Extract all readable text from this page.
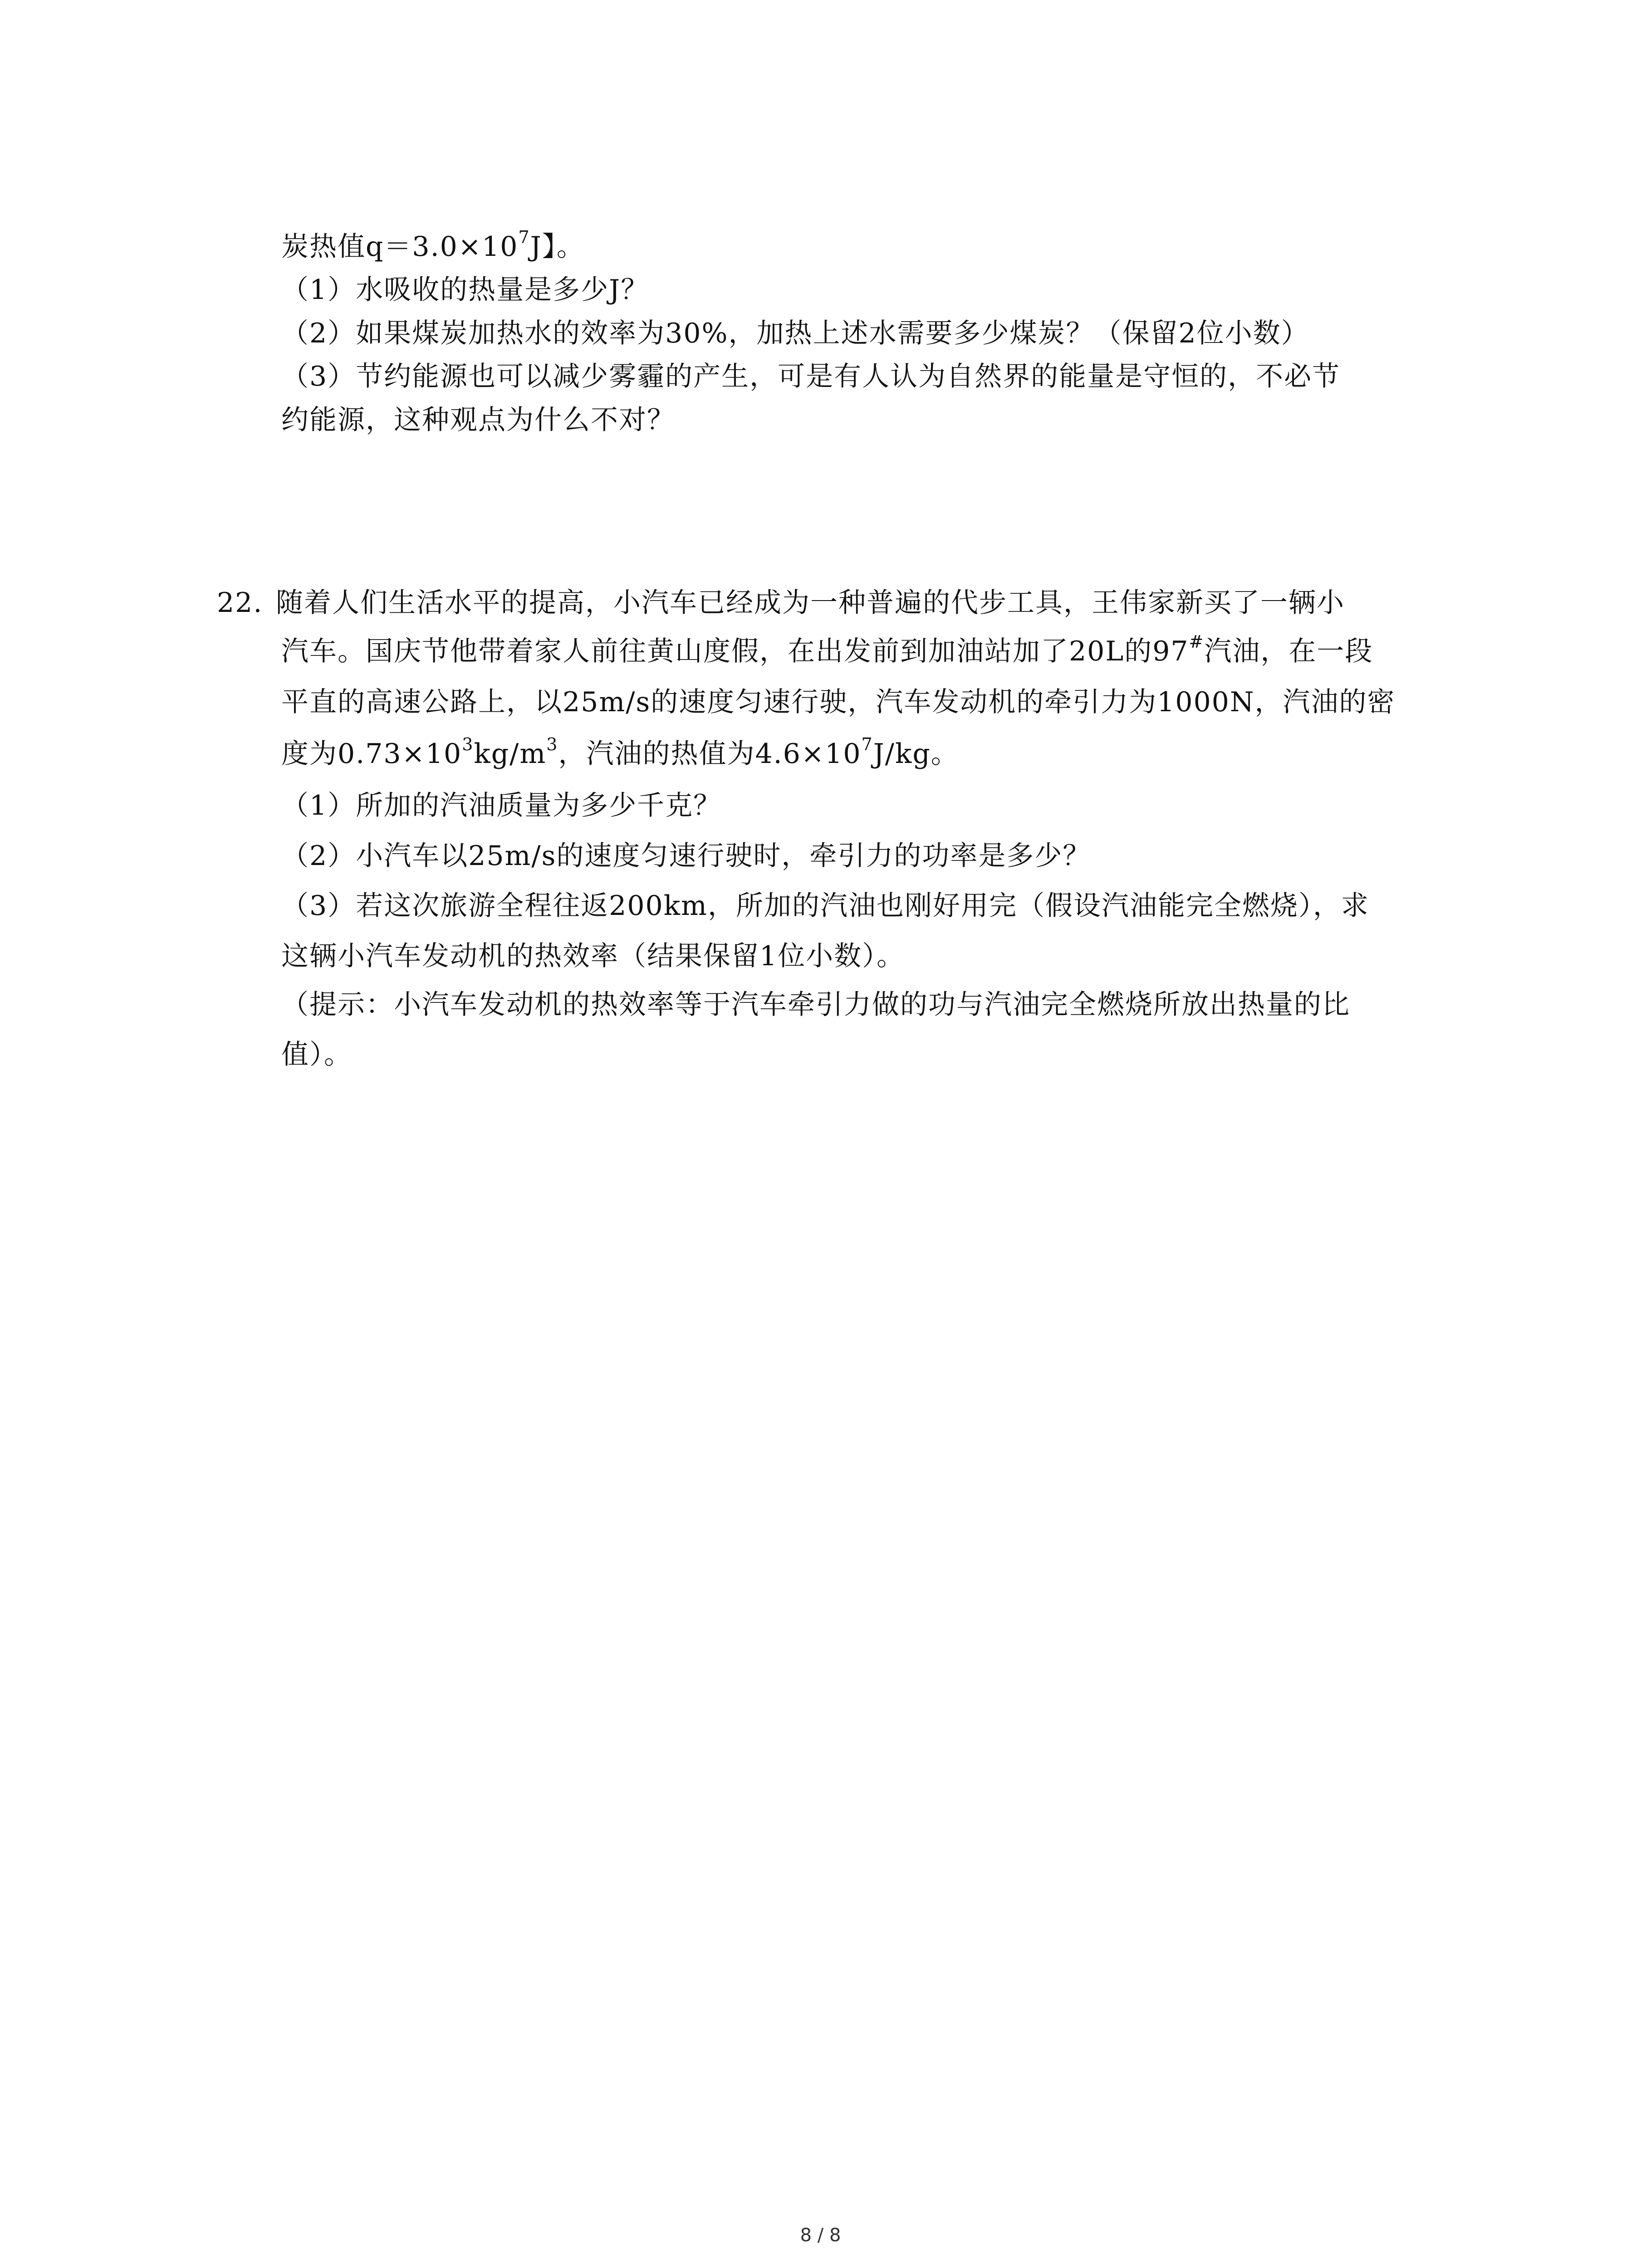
炭热值$q=3.0\times 10^7J$】。
（1）水吸收的热量是多少J？
（2）如果煤炭加热水的效率为30%，加热上述水需要多少煤炭？（保留2位小数）
（3）节约能源也可以减少雾霾的产生，可是有人认为自然界的能量是守恒的，不必节
约能源，这种观点为什么不对？
22. 随着人们生活水平的提高，小汽车已经成为一种普遍的代步工具，王伟家新买了一辆小
汽车。国庆节他带着家人前往黄山度假，在出发前到加油站加了20L的97#汽油，在一段
平直的高速公路上，以25m/s的速度匀速行驶，汽车发动机的牵引力为1000N，汽油的密
度为$0.73\times 10^3kg/m^3$，汽油的热值为$4.6\times 10^7J/kg$。
（1）所加的汽油质量为多少千克？
（2）小汽车以25m/s的速度匀速行驶时，牵引力的功率是多少？
（3）若这次旅游全程往返200km，所加的汽油也刚好用完（假设汽油能完全燃烧），求
这辆小汽车发动机的热效率（结果保留1位小数）。
（提示：小汽车发动机的热效率等于汽车牵引力做的功与汽油完全燃烧所放出热量的比
值）。
8 / 8
